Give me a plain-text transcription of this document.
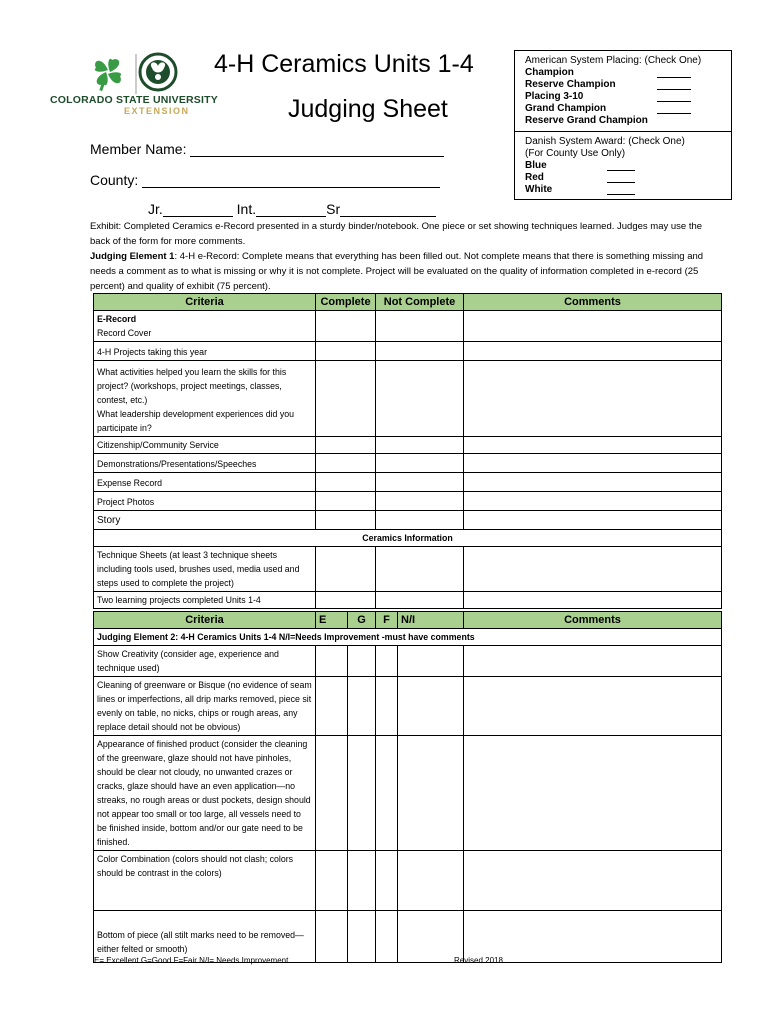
COLORADO STATE UNIVERSITY
EXTENSION
4-H Ceramics Units 1-4
Judging Sheet
American System Placing: (Check One)
Champion
Reserve Champion
Placing 3-10
Grand Champion
Reserve Grand Champion
Danish System Award: (Check One)
(For County Use Only)
Blue
Red
White
Member Name:
County:
Jr.	Int.	Sr
Exhibit: Completed Ceramics e-Record presented in a sturdy binder/notebook. One piece or set showing techniques learned. Judges may use the back of the form for more comments.
Judging Element 1: 4-H e-Record: Complete means that everything has been filled out. Not complete means that there is something missing and needs a comment as to what is missing or why it is not complete. Project will be evaluated on the quality of information completed in e-record (25 percent) and quality of exhibit (75 percent).
Criteria	Complete	Not Complete	Comments

E-Record
Record Cover			

4-H Projects taking this year			

What activities helped you learn the skills for this project? (workshops, project meetings, classes, contest, etc.)
What leadership development experiences did you participate in?			

Citizenship/Community Service			
Demonstrations/Presentations/Speeches			
Expense Record			
Project Photos			
Story			
Ceramics Information			
Technique Sheets (at least 3 technique sheets including tools used, brushes used, media used and steps used to complete the project)			
Two learning projects completed Units 1-4			
Criteria	E	G	F	N/I	Comments
Judging Element 2: 4-H Ceramics Units 1-4 N/I=Needs Improvement -must have comments					
Show Creativity (consider age, experience and technique used)					
Cleaning of greenware or Bisque (no evidence of seam lines or imperfections, all drip marks removed, piece sit evenly on table, no nicks, chips or rough areas, any replace detail should not be obvious)					
Appearance of finished product (consider the cleaning of the greenware, glaze should not have pinholes, should be clear not cloudy, no unwanted crazes or cracks, glaze should have an even application—no streaks, no rough areas or dust pockets, design should not appear too small or too large, all vessels need to be finished inside, bottom and/or our gate need to be finished.					
Color Combination (colors should not clash; colors should be contrast in the colors)					
Bottom of piece (all stilt marks need to be removed—either felted or smooth)					
E= Excellent G=Good F=Fair N/I= Needs Improvement	Revised 2018
